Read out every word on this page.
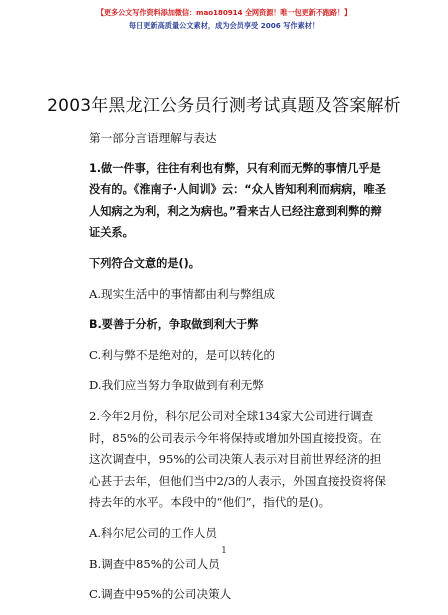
【更多公文写作资料添加微信：mao180914 全网资源！唯一包更新不跑路！】
每日更新高质量公文素材，成为会员享受 2006 写作素材！
2003年黑龙江公务员行测考试真题及答案解析

第一部分言语理解与表达

1.做一件事，往往有利也有弊，只有利而无弊的事情几乎是没有的。《淮南子·人间训》云：“众人皆知利利而病病，唯圣人知病之为利，利之为病也。”看来古人已经注意到利弊的辩证关系。

下列符合文意的是()。

A.现实生活中的事情都由利与弊组成

B.要善于分析，争取做到利大于弊

C.利与弊不是绝对的，是可以转化的

D.我们应当努力争取做到有利无弊

2.今年2月份，科尔尼公司对全球134家大公司进行调查时，85%的公司表示今年将保持或增加外国直接投资。在这次调查中，95%的公司决策人表示对目前世界经济的担心甚于去年，但他们当中2/3的人表示，外国直接投资将保持去年的水平。本段中的“他们”，指代的是()。

A.科尔尼公司的工作人员

B.调查中85%的公司人员

C.调查中95%的公司决策人

1
